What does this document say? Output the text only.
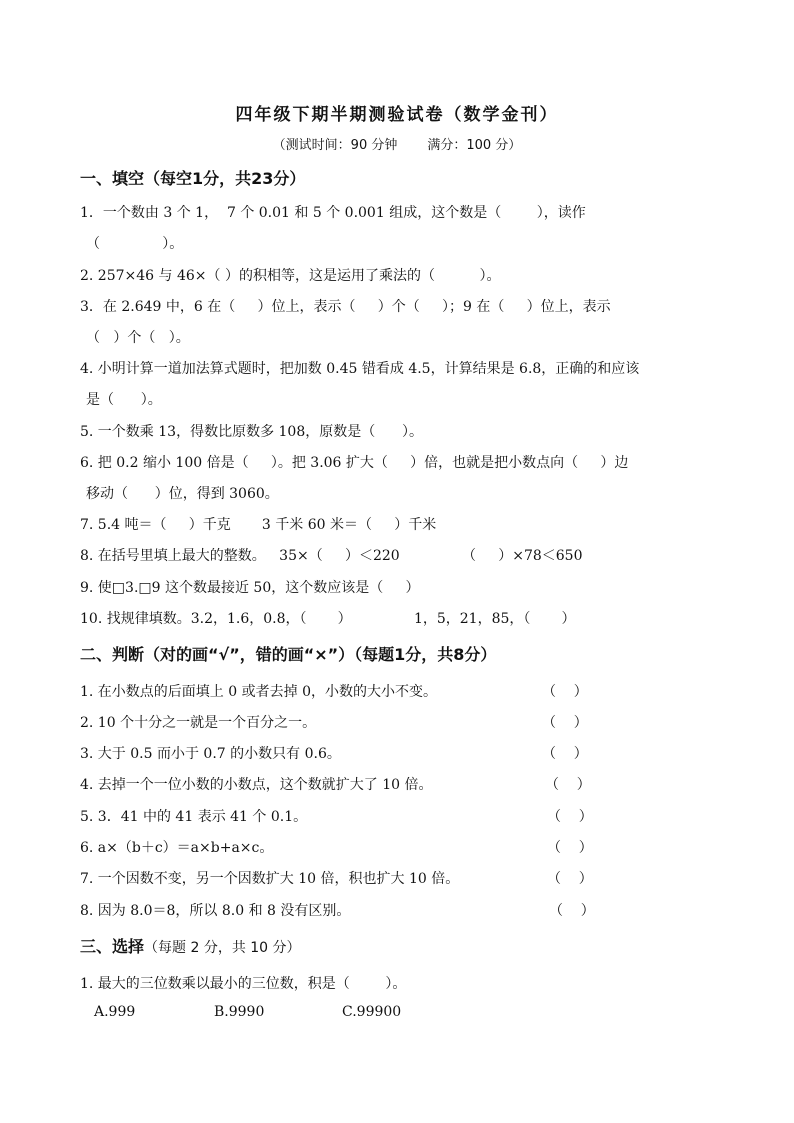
四年级下期半期测验试卷（数学金刊）
（测试时间：90 分钟 满分：100 分）
一、填空（每空1分，共23分）
1．一个数由 3 个 1，  7 个 0.01 和 5 个 0.001 组成，这个数是（        ），读作
（              ）。
2. 257×46 与 46×（ ）的积相等，这是运用了乘法的（          ）。
3．在 2.649 中，6 在（     ）位上，表示（     ）个（     ）；9 在（     ）位上，表示
（   ）个（   ）。
4. 小明计算一道加法算式题时，把加数 0.45 错看成 4.5，计算结果是 6.8，正确的和应该
是（      ）。
5. 一个数乘 13，得数比原数多 108，原数是（      ）。
6. 把 0.2 缩小 100 倍是（     ）。把 3.06 扩大（     ）倍，也就是把小数点向（     ）边
移动（      ）位，得到 3060。
7. 5.4 吨＝（     ）千克       3 千米 60 米＝（     ）千米
8. 在括号里填上最大的整数。   35×（     ）＜220              （     ）×78＜650
9. 使□3.□9 这个数最接近 50，这个数应该是（     ）
10. 找规律填数。3.2，1.6，0.8，（       ）              1，5，21，85，（       ）
二、判断（对的画“√”，错的画“×”）（每题1分，共8分）
1. 在小数点的后面填上 0 或者去掉 0，小数的大小不变。	（    ）
2. 10 个十分之一就是一个百分之一。	（    ）
3. 大于 0.5 而小于 0.7 的小数只有 0.6。	（    ）
4. 去掉一个一位小数的小数点，这个数就扩大了 10 倍。	（    ）
5. 3．41 中的 41 表示 41 个 0.1。	（    ）
6. a×（b＋c）＝a×b+a×c。	（    ）
7. 一个因数不变，另一个因数扩大 10 倍，积也扩大 10 倍。	（    ）
8. 因为 8.0＝8，所以 8.0 和 8 没有区别。	（    ）
三、选择（每题 2 分，共 10 分）
1. 最大的三位数乘以最小的三位数，积是（        ）。
A.999	B.9990	C.99900
